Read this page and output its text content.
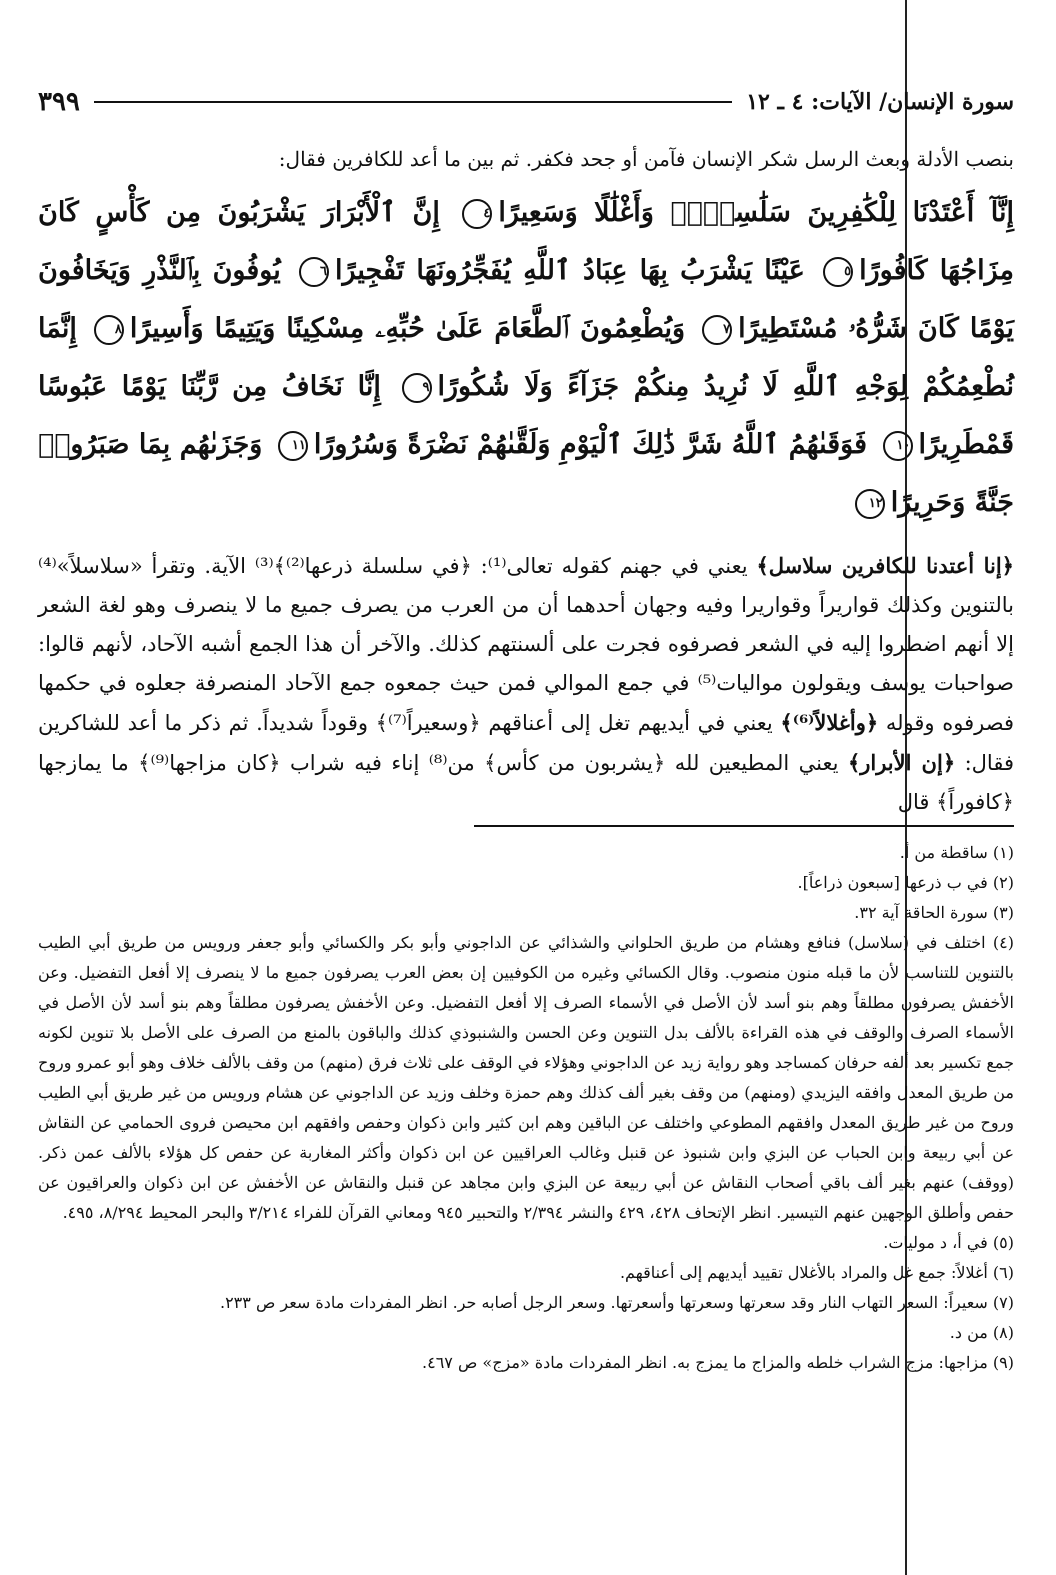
سورة الإنسان/ الآيات: ٤ ـ ١٢
٣٩٩

بنصب الأدلة وبعث الرسل شكر الإنسان فآمن أو جحد فكفر. ثم بين ما أعد للكافرين فقال:

إِنَّآ أَعْتَدْنَا لِلْكَٰفِرِينَ سَلَٰسِلَا۟ وَأَغْلَٰلًا وَسَعِيرًا٤ إِنَّ ٱلْأَبْرَارَ يَشْرَبُونَ مِن كَأْسٍ كَانَ مِزَاجُهَا كَافُورًا٥ عَيْنًا يَشْرَبُ بِهَا عِبَادُ ٱللَّهِ يُفَجِّرُونَهَا تَفْجِيرًا٦ يُوفُونَ بِٱلنَّذْرِ وَيَخَافُونَ يَوْمًا كَانَ شَرُّهُۥ مُسْتَطِيرًا٧ وَيُطْعِمُونَ ٱلطَّعَامَ عَلَىٰ حُبِّهِۦ مِسْكِينًا وَيَتِيمًا وَأَسِيرًا٨ إِنَّمَا نُطْعِمُكُمْ لِوَجْهِ ٱللَّهِ لَا نُرِيدُ مِنكُمْ جَزَآءً وَلَا شُكُورًا٩ إِنَّا نَخَافُ مِن رَّبِّنَا يَوْمًا عَبُوسًا قَمْطَرِيرًا١٠ فَوَقَىٰهُمُ ٱللَّهُ شَرَّ ذَٰلِكَ ٱلْيَوْمِ وَلَقَّىٰهُمْ نَضْرَةً وَسُرُورًا١١ وَجَزَىٰهُم بِمَا صَبَرُوا۟ جَنَّةً وَحَرِيرًا١٢

﴿إنا أعتدنا للكافرين سلاسل﴾ يعني في جهنم كقوله تعالى⁽¹⁾: ﴿في سلسلة ذرعها⁽²⁾﴾⁽³⁾ الآية. وتقرأ «سلاسلاً»⁽⁴⁾ بالتنوين وكذلك قواريراً وقواريرا وفيه وجهان أحدهما أن من العرب من يصرف جميع ما لا ينصرف وهو لغة الشعر إلا أنهم اضطروا إليه في الشعر فصرفوه فجرت على ألسنتهم كذلك. والآخر أن هذا الجمع أشبه الآحاد، لأنهم قالوا: صواحبات يوسف ويقولون مواليات⁽⁵⁾ في جمع الموالي فمن حيث جمعوه جمع الآحاد المنصرفة جعلوه في حكمها فصرفوه وقوله ﴿وأغلالاً⁽⁶⁾﴾ يعني في أيديهم تغل إلى أعناقهم ﴿وسعيراً⁽⁷⁾﴾ وقوداً شديداً. ثم ذكر ما أعد للشاكرين فقال: ﴿إن الأبرار﴾ يعني المطيعين لله ﴿يشربون من كأس﴾ من⁽⁸⁾ إناء فيه شراب ﴿كان مزاجها⁽⁹⁾﴾ ما يمازجها ﴿كافوراً﴾ قال

(١) ساقطة من أ.

(٢) في ب ذرعها [سبعون ذراعاً].

(٣) سورة الحاقة آية ٣٢.

(٤) اختلف في (سلاسل) فنافع وهشام من طريق الحلواني والشذائي عن الداجوني وأبو بكر والكسائي وأبو جعفر ورويس من طريق أبي الطيب بالتنوين للتناسب لأن ما قبله منون منصوب. وقال الكسائي وغيره من الكوفيين إن بعض العرب يصرفون جميع ما لا ينصرف إلا أفعل التفضيل. وعن الأخفش يصرفون مطلقاً وهم بنو أسد لأن الأصل في الأسماء الصرف إلا أفعل التفضيل. وعن الأخفش يصرفون مطلقاً وهم بنو أسد لأن الأصل في الأسماء الصرف والوقف في هذه القراءة بالألف بدل التنوين وعن الحسن والشنبوذي كذلك والباقون بالمنع من الصرف على الأصل بلا تنوين لكونه جمع تكسير بعد ألفه حرفان كمساجد وهو رواية زيد عن الداجوني وهؤلاء في الوقف على ثلاث فرق (منهم) من وقف بالألف خلاف وهو أبو عمرو وروح من طريق المعدل وافقه اليزيدي (ومنهم) من وقف بغير ألف كذلك وهم حمزة وخلف وزيد عن الداجوني عن هشام ورويس من غير طريق أبي الطيب وروح من غير طريق المعدل وافقهم المطوعي واختلف عن الباقين وهم ابن كثير وابن ذكوان وحفص وافقهم ابن محيصن فروى الحمامي عن النقاش عن أبي ربيعة وابن الحباب عن البزي وابن شنبوذ عن قنبل وغالب العراقيين عن ابن ذكوان وأكثر المغاربة عن حفص كل هؤلاء بالألف عمن ذكر. (ووقف) عنهم بغير ألف باقي أصحاب النقاش عن أبي ربيعة عن البزي وابن مجاهد عن قنبل والنقاش عن الأخفش عن ابن ذكوان والعراقيون عن حفص وأطلق الوجهين عنهم التيسير. انظر الإتحاف ٤٢٨، ٤٢٩ والنشر ٢/٣٩٤ والتحبير ٩٤٥ ومعاني القرآن للفراء ٣/٢١٤ والبحر المحيط ٨/٢٩٤، ٤٩٥.

(٥) في أ، د موليات.

(٦) أغلالاً: جمع غل والمراد بالأغلال تقييد أيديهم إلى أعناقهم.

(٧) سعيراً: السعر التهاب النار وقد سعرتها وسعرتها وأسعرتها. وسعر الرجل أصابه حر. انظر المفردات مادة سعر ص ٢٣٣.

(٨) من د.

(٩) مزاجها: مزج الشراب خلطه والمزاج ما يمزج به. انظر المفردات مادة «مزج» ص ٤٦٧.
